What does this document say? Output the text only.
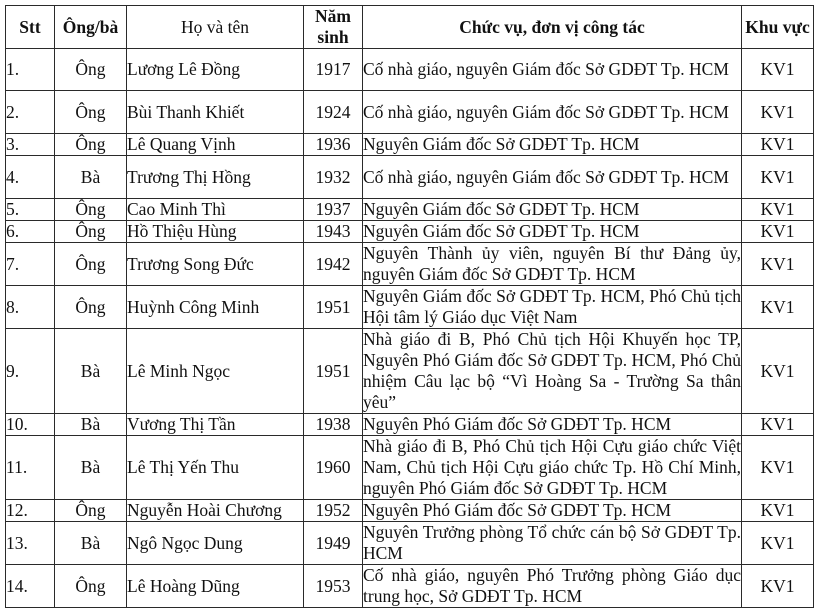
Stt	Ông/bà	Họ và tên	Năm sinh	Chức vụ, đơn vị công tác	Khu vực
1.	Ông	Lương Lê Đồng	1917	Cố nhà giáo, nguyên Giám đốc Sở GDĐT Tp. HCM	KV1
2.	Ông	Bùi Thanh Khiết	1924	Cố nhà giáo, nguyên Giám đốc Sở GDĐT Tp. HCM	KV1
3.	Ông	Lê Quang Vịnh	1936	Nguyên Giám đốc Sở GDĐT Tp. HCM	KV1
4.	Bà	Trương Thị Hồng	1932	Cố nhà giáo, nguyên Giám đốc Sở GDĐT Tp. HCM	KV1
5.	Ông	Cao Minh Thì	1937	Nguyên Giám đốc Sở GDĐT Tp. HCM	KV1
6.	Ông	Hồ Thiệu Hùng	1943	Nguyên Giám đốc Sở GDĐT Tp. HCM	KV1
7.	Ông	Trương Song Đức	1942	Nguyên Thành ủy viên, nguyên Bí thư Đảng ủy, nguyên Giám đốc Sở GDĐT Tp. HCM	KV1
8.	Ông	Huỳnh Công Minh	1951	Nguyên Giám đốc Sở GDĐT Tp. HCM, Phó Chủ tịch Hội tâm lý Giáo dục Việt Nam	KV1
9.	Bà	Lê Minh Ngọc	1951	Nhà giáo đi B, Phó Chủ tịch Hội Khuyến học TP, Nguyên Phó Giám đốc Sở GDĐT Tp. HCM, Phó Chủ nhiệm Câu lạc bộ “Vì Hoàng Sa - Trường Sa thân yêu”	KV1
10.	Bà	Vương Thị Tần	1938	Nguyên Phó Giám đốc Sở GDĐT Tp. HCM	KV1
11.	Bà	Lê Thị Yến Thu	1960	Nhà giáo đi B, Phó Chủ tịch Hội Cựu giáo chức Việt Nam, Chủ tịch Hội Cựu giáo chức Tp. Hồ Chí Minh, nguyên Phó Giám đốc Sở GDĐT Tp. HCM	KV1
12.	Ông	Nguyễn Hoài Chương	1952	Nguyên Phó Giám đốc Sở GDĐT Tp. HCM	KV1
13.	Bà	Ngô Ngọc Dung	1949	Nguyên Trưởng phòng Tổ chức cán bộ Sở GDĐT Tp. HCM	KV1
14.	Ông	Lê Hoàng Dũng	1953	Cố nhà giáo, nguyên Phó Trưởng phòng Giáo dục trung học, Sở GDĐT Tp. HCM	KV1
